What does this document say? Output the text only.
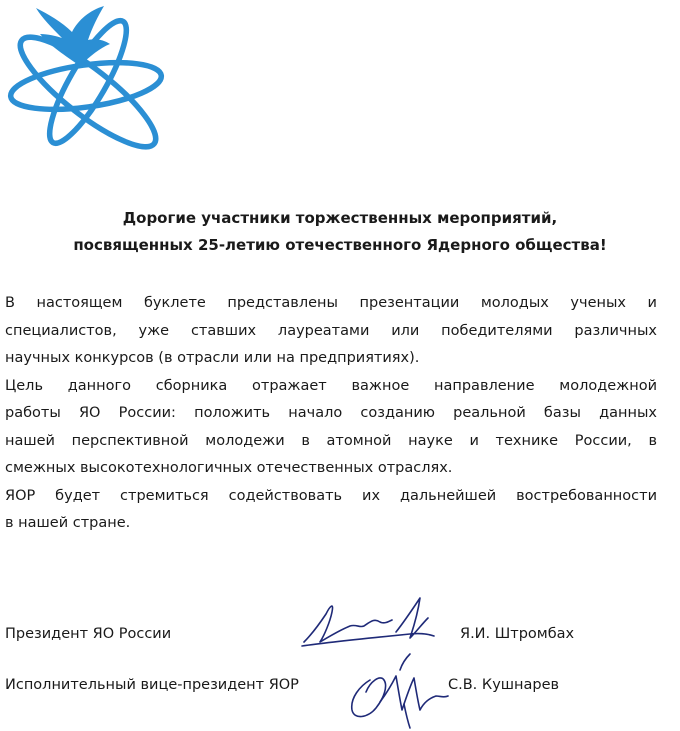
Дорогие участники торжественных мероприятий,
посвященных 25-летию отечественного Ядерного общества!
В настоящем буклете представлены презентации молодых ученых и
специалистов, уже ставших лауреатами или победителями различных
научных конкурсов (в отрасли или на предприятиях).
Цель данного сборника отражает важное направление молодежной
работы ЯО России: положить начало созданию реальной базы данных
нашей перспективной молодежи в атомной науке и технике России, в
смежных высокотехнологичных отечественных отраслях.
ЯОР будет стремиться содействовать их дальнейшей востребованности
в нашей стране.
Президент ЯО России	Я.И. Штромбах
Исполнительный вице-президент ЯОР	С.В. Кушнарев
